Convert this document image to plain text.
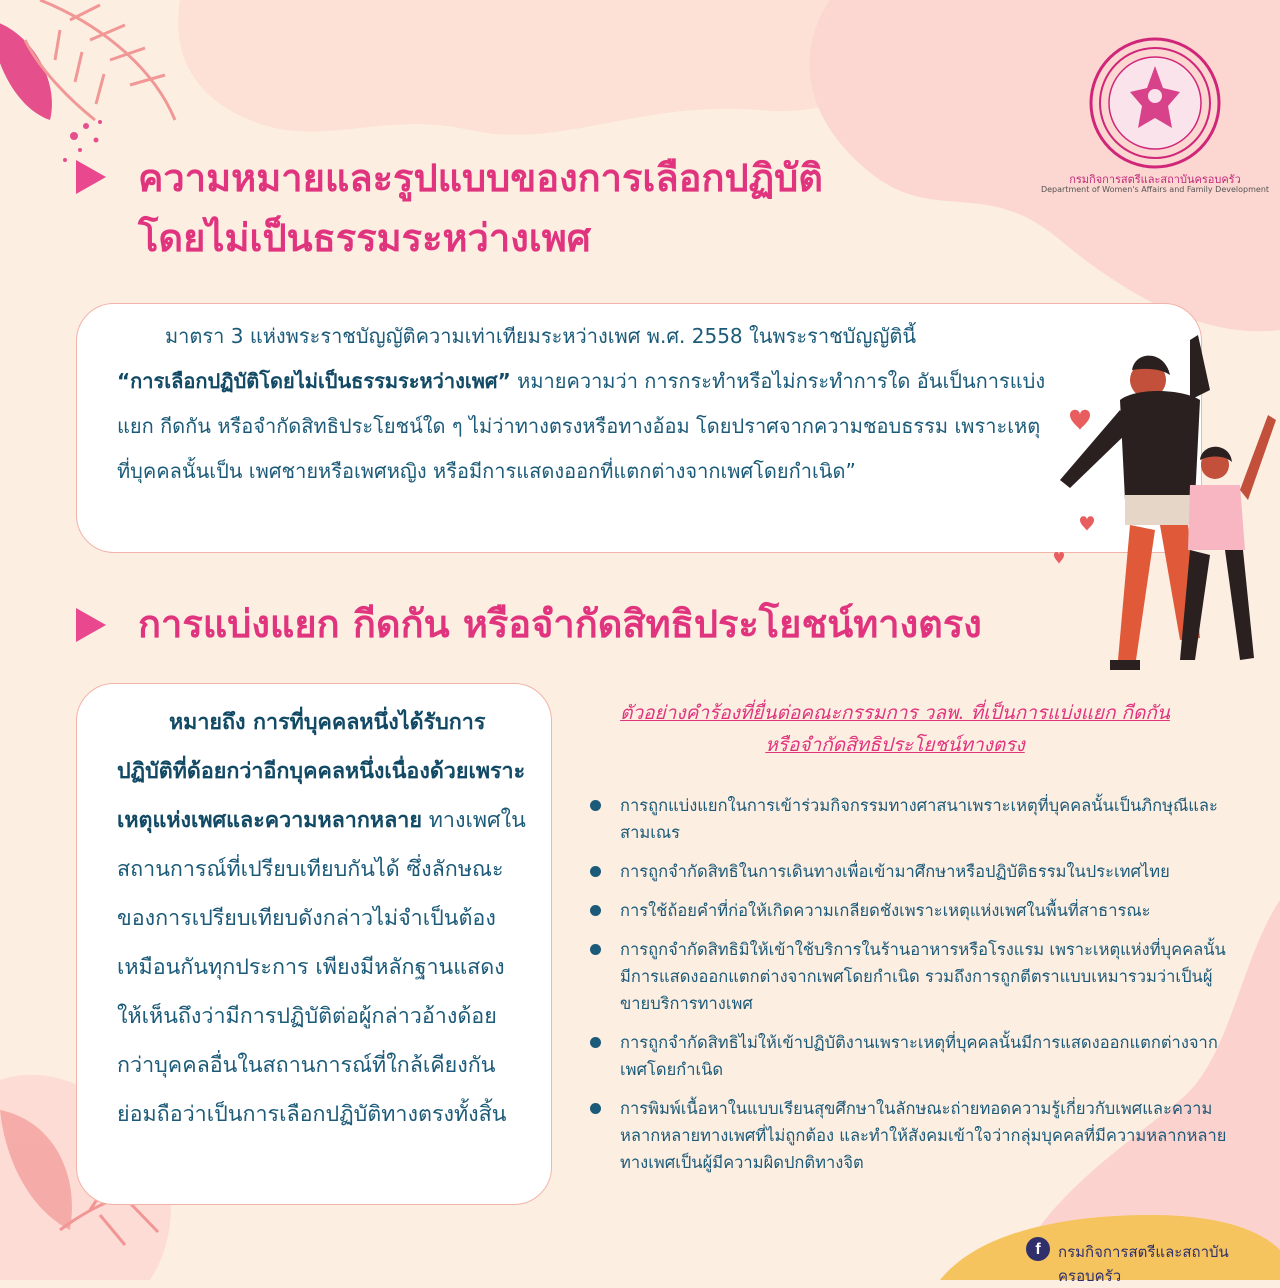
กรมกิจการสตรีและสถาบันครอบครัว
Department of Women's Affairs and Family Development
ความหมายและรูปแบบของการเลือกปฏิบัติ
โดยไม่เป็นธรรมระหว่างเพศ

มาตรา 3 แห่งพระราชบัญญัติความเท่าเทียมระหว่างเพศ พ.ศ. 2558 ในพระราชบัญญัตินี้
“การเลือกปฏิบัติโดยไม่เป็นธรรมระหว่างเพศ” หมายความว่า การกระทำหรือไม่กระทำการใด อันเป็นการแบ่งแยก กีดกัน หรือจำกัดสิทธิประโยชน์ใด ๆ ไม่ว่าทางตรงหรือทางอ้อม โดยปราศจากความชอบธรรม เพราะเหตุที่บุคคลนั้นเป็น เพศชายหรือเพศหญิง หรือมีการแสดงออกที่แตกต่างจากเพศโดยกำเนิด”

การแบ่งแยก กีดกัน หรือจำกัดสิทธิประโยชน์ทางตรง

หมายถึง การที่บุคคลหนึ่งได้รับการปฏิบัติที่ด้อยกว่าอีกบุคคลหนึ่งเนื่องด้วยเพราะเหตุแห่งเพศและความหลากหลาย ทางเพศในสถานการณ์ที่เปรียบเทียบกันได้ ซึ่งลักษณะของการเปรียบเทียบดังกล่าวไม่จำเป็นต้องเหมือนกันทุกประการ เพียงมีหลักฐานแสดงให้เห็นถึงว่ามีการปฏิบัติต่อผู้กล่าวอ้างด้อยกว่าบุคคลอื่นในสถานการณ์ที่ใกล้เคียงกัน ย่อมถือว่าเป็นการเลือกปฏิบัติทางตรงทั้งสิ้น

ตัวอย่างคำร้องที่ยื่นต่อคณะกรรมการ วลพ. ที่เป็นการแบ่งแยก กีดกัน
หรือจำกัดสิทธิประโยชน์ทางตรง
การถูกแบ่งแยกในการเข้าร่วมกิจกรรมทางศาสนาเพราะเหตุที่บุคคลนั้นเป็นภิกษุณีและสามเณร
การถูกจำกัดสิทธิในการเดินทางเพื่อเข้ามาศึกษาหรือปฏิบัติธรรมในประเทศไทย
การใช้ถ้อยคำที่ก่อให้เกิดความเกลียดชังเพราะเหตุแห่งเพศในพื้นที่สาธารณะ
การถูกจำกัดสิทธิมิให้เข้าใช้บริการในร้านอาหารหรือโรงแรม เพราะเหตุแห่งที่บุคคลนั้นมีการแสดงออกแตกต่างจากเพศโดยกำเนิด รวมถึงการถูกตีตราแบบเหมารวมว่าเป็นผู้ขายบริการทางเพศ
การถูกจำกัดสิทธิไม่ให้เข้าปฏิบัติงานเพราะเหตุที่บุคคลนั้นมีการแสดงออกแตกต่างจากเพศโดยกำเนิด
การพิมพ์เนื้อหาในแบบเรียนสุขศึกษาในลักษณะถ่ายทอดความรู้เกี่ยวกับเพศและความหลากหลายทางเพศที่ไม่ถูกต้อง และทำให้สังคมเข้าใจว่ากลุ่มบุคคลที่มีความหลากหลายทางเพศเป็นผู้มีความผิดปกติทางจิต
f	กรมกิจการสตรีและสถาบันครอบครัว
